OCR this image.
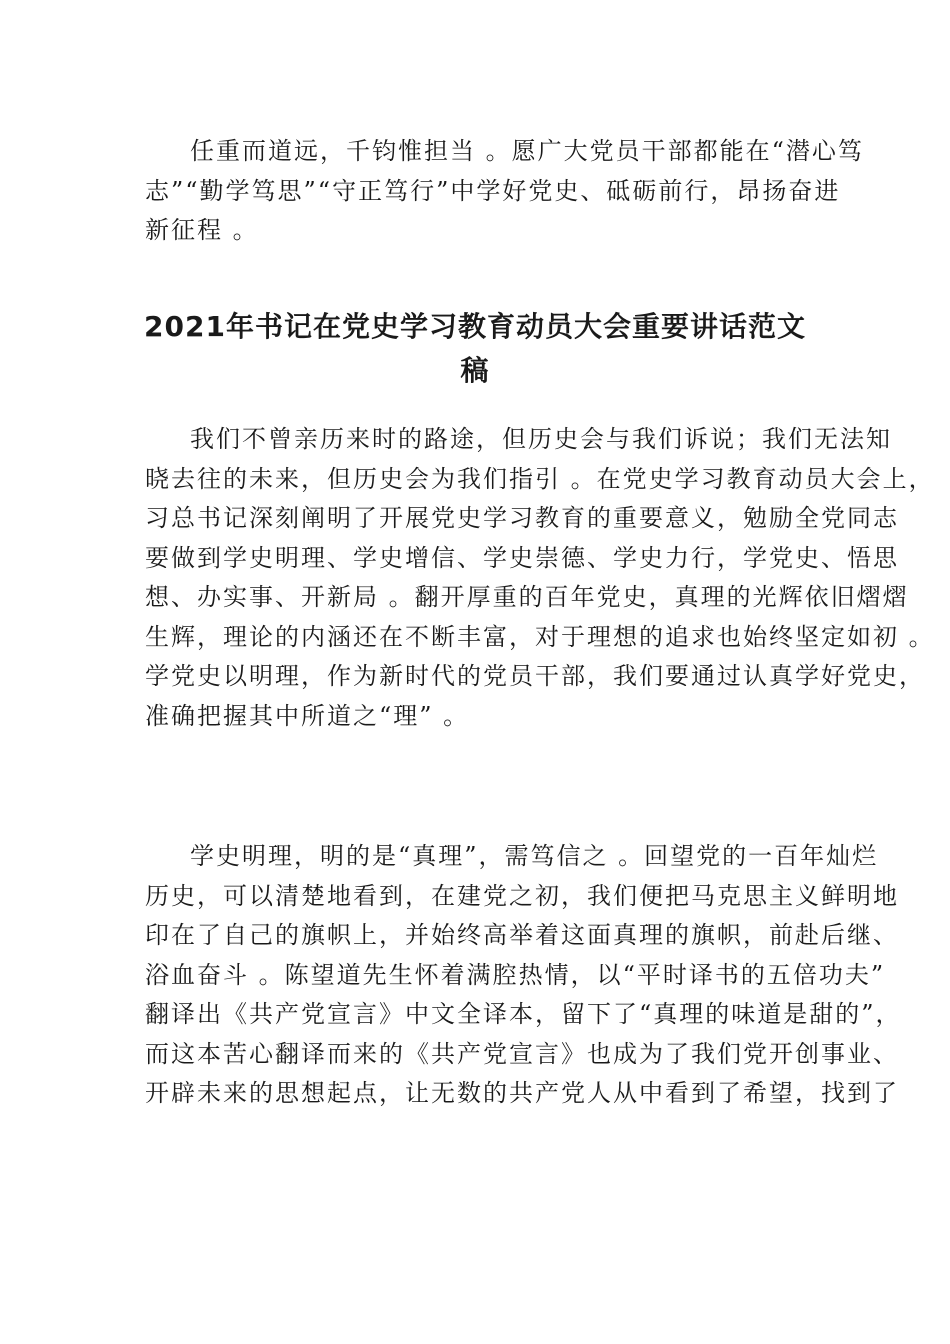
任重而道远，千钧惟担当 。愿广大党员干部都能在“潜心笃
志”“勤学笃思”“守正笃行”中学好党史、砥砺前行，昂扬奋进
新征程 。

2021年书记在党史学习教育动员大会重要讲话范文
稿

我们不曾亲历来时的路途，但历史会与我们诉说；我们无法知
晓去往的未来，但历史会为我们指引 。在党史学习教育动员大会上，
习总书记深刻阐明了开展党史学习教育的重要意义，勉励全党同志
要做到学史明理、学史增信、学史崇德、学史力行，学党史、悟思
想、办实事、开新局 。翻开厚重的百年党史，真理的光辉依旧熠熠
生辉，理论的内涵还在不断丰富，对于理想的追求也始终坚定如初 。
学党史以明理，作为新时代的党员干部，我们要通过认真学好党史，
准确把握其中所道之“理” 。

学史明理，明的是“真理”，需笃信之 。回望党的一百年灿烂
历史，可以清楚地看到，在建党之初，我们便把马克思主义鲜明地
印在了自己的旗帜上，并始终高举着这面真理的旗帜，前赴后继、
浴血奋斗 。陈望道先生怀着满腔热情，以“平时译书的五倍功夫”
翻译出《共产党宣言》中文全译本，留下了“真理的味道是甜的”，
而这本苦心翻译而来的《共产党宣言》也成为了我们党开创事业、
开辟未来的思想起点，让无数的共产党人从中看到了希望，找到了
